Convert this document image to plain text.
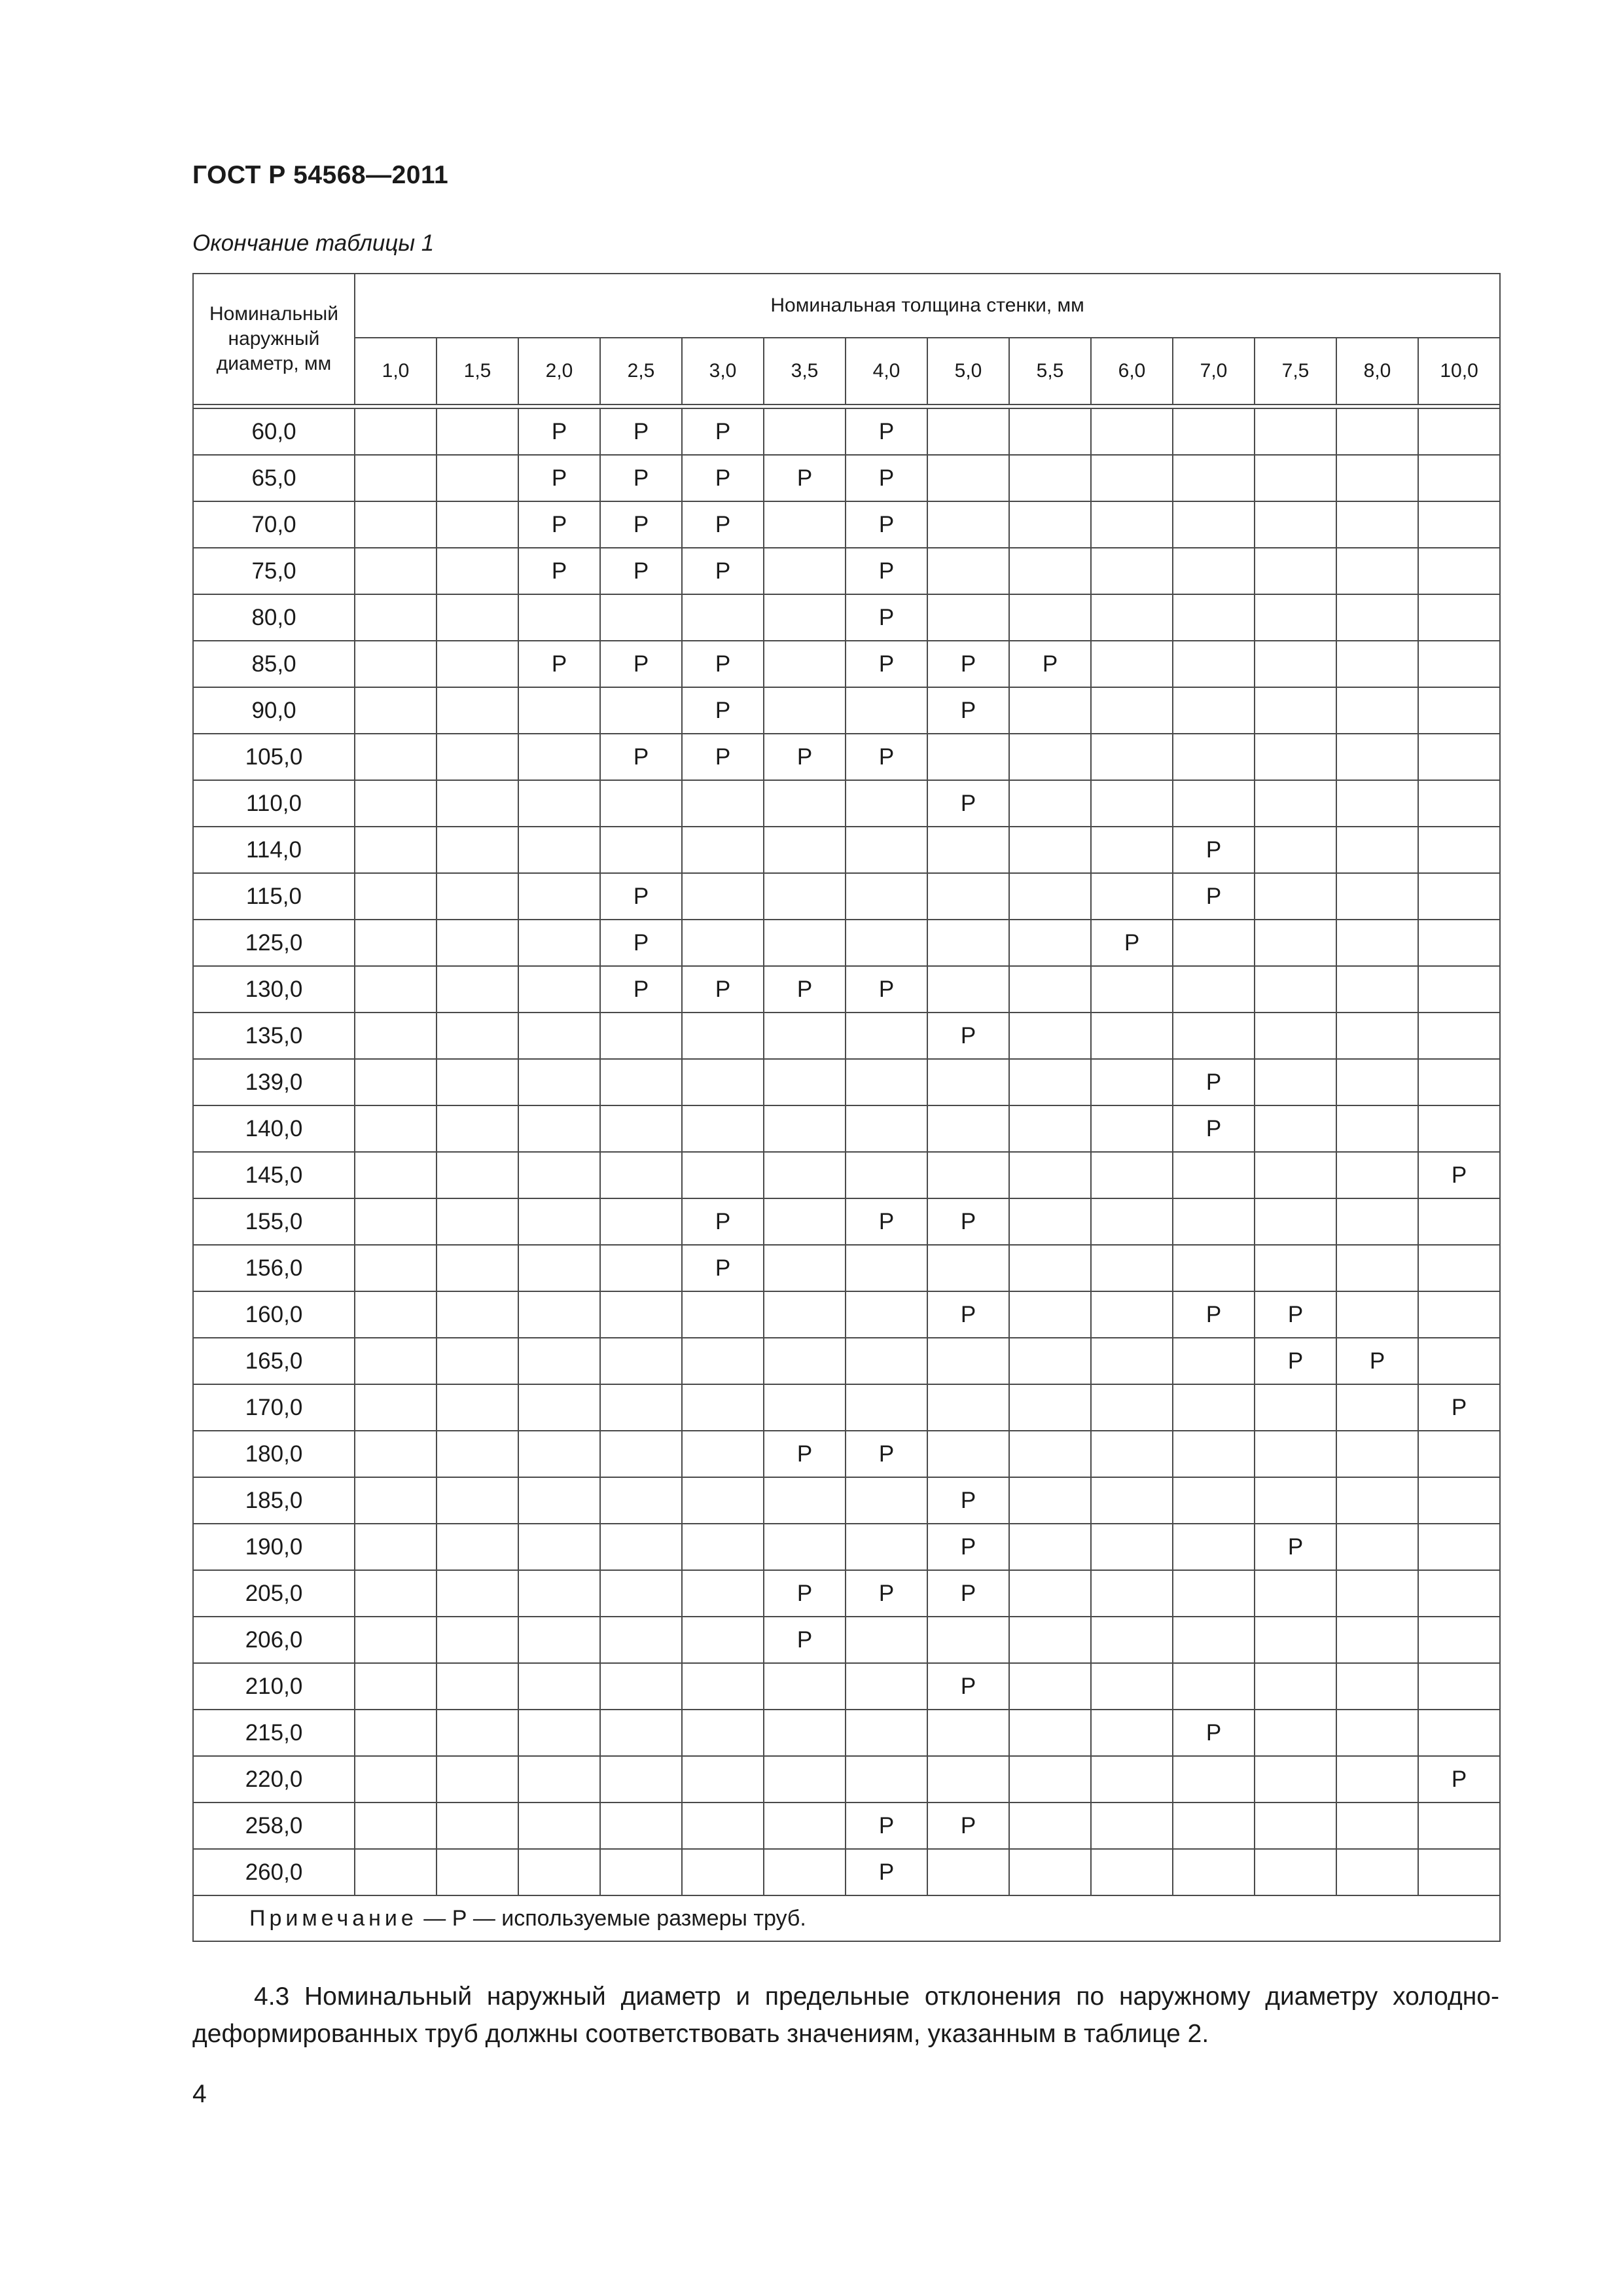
ГОСТ Р 54568—2011
Окончание таблицы 1
Номинальный наружный диаметр, мм	Номинальная толщина стенки, мм													
	1,0	1,5	2,0	2,5	3,0	3,5	4,0	5,0	5,5	6,0	7,0	7,5	8,0	10,0

60,0			P	P	P		P							
65,0			P	P	P	P	P							
70,0			P	P	P		P							
75,0			P	P	P		P							
80,0							P							
85,0			P	P	P		P	P	P					
90,0					P			P						
105,0				P	P	P	P							
110,0								P						
114,0											P			
115,0				P							P			
125,0				P						P				
130,0				P	P	P	P							
135,0								P						
139,0											P			
140,0											P			
145,0														P
155,0					P		P	P						
156,0					P									
160,0								P			P	P		
165,0												P	P	
170,0														P
180,0						P	P							
185,0								P						
190,0								P				P		
205,0						P	P	P						
206,0						P								
210,0								P						
215,0											P			
220,0														P
258,0							P	P						
260,0							P							
Примечание — Р — используемые размеры труб.														
4.3 Номинальный наружный диаметр и предельные отклонения по наружному диаметру холодно-деформированных труб должны соответствовать значениям, указанным в таблице 2.
4
